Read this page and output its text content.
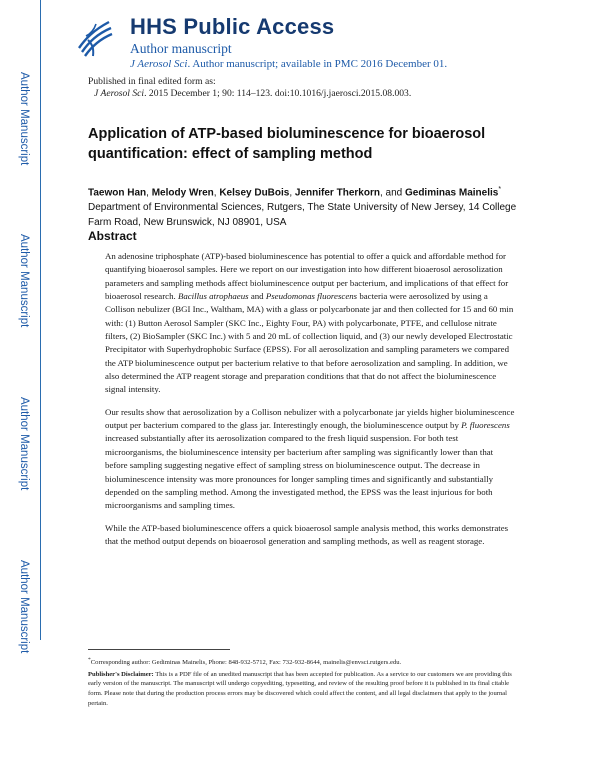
Author Manuscript
Author Manuscript
Author Manuscript
Author Manuscript
HHS Public Access
Author manuscript
J Aerosol Sci. Author manuscript; available in PMC 2016 December 01.
Published in final edited form as:
J Aerosol Sci. 2015 December 1; 90: 114–123. doi:10.1016/j.jaerosci.2015.08.003.
Application of ATP-based bioluminescence for bioaerosol quantification: effect of sampling method
Taewon Han, Melody Wren, Kelsey DuBois, Jennifer Therkorn, and Gediminas Mainelis*
Department of Environmental Sciences, Rutgers, The State University of New Jersey, 14 College Farm Road, New Brunswick, NJ 08901, USA
Abstract

An adenosine triphosphate (ATP)-based bioluminescence has potential to offer a quick and affordable method for quantifying bioaerosol samples. Here we report on our investigation into how different bioaerosol aerosolization parameters and sampling methods affect bioluminescence output per bacterium, and implications of that effect for bioaerosol research. Bacillus atrophaeus and Pseudomonas fluorescens bacteria were aerosolized by using a Collison nebulizer (BGI Inc., Waltham, MA) with a glass or polycarbonate jar and then collected for 15 and 60 min with: (1) Button Aerosol Sampler (SKC Inc., Eighty Four, PA) with polycarbonate, PTFE, and cellulose nitrate filters, (2) BioSampler (SKC Inc.) with 5 and 20 mL of collection liquid, and (3) our newly developed Electrostatic Precipitator with Superhydrophobic Surface (EPSS). For all aerosolization and sampling parameters we compared the ATP bioluminescence output per bacterium relative to that before aerosolization and sampling. In addition, we also determined the ATP reagent storage and preparation conditions that that do not affect the bioluminescence signal intensity.

Our results show that aerosolization by a Collison nebulizer with a polycarbonate jar yields higher bioluminescence output per bacterium compared to the glass jar. Interestingly enough, the bioluminescence output by P. fluorescens increased substantially after its aerosolization compared to the fresh liquid suspension. For both test microorganisms, the bioluminescence intensity per bacterium after sampling was significantly lower than that before sampling suggesting negative effect of sampling stress on bioluminescence output. The decrease in bioluminescence intensity was more pronounces for longer sampling times and significantly and substantially depended on the sampling method. Among the investigated method, the EPSS was the least injurious for both microorganisms and sampling times.

While the ATP-based bioluminescence offers a quick bioaerosol sample analysis method, this works demonstrates that the method output depends on bioaerosol generation and sampling methods, as well as reagent storage.

*Corresponding author: Gediminas Mainelis, Phone: 848-932-5712, Fax: 732-932-8644, mainelis@envsci.rutgers.edu.

Publisher's Disclaimer: This is a PDF file of an unedited manuscript that has been accepted for publication. As a service to our customers we are providing this early version of the manuscript. The manuscript will undergo copyediting, typesetting, and review of the resulting proof before it is published in its final citable form. Please note that during the production process errors may be discovered which could affect the content, and all legal disclaimers that apply to the journal pertain.
